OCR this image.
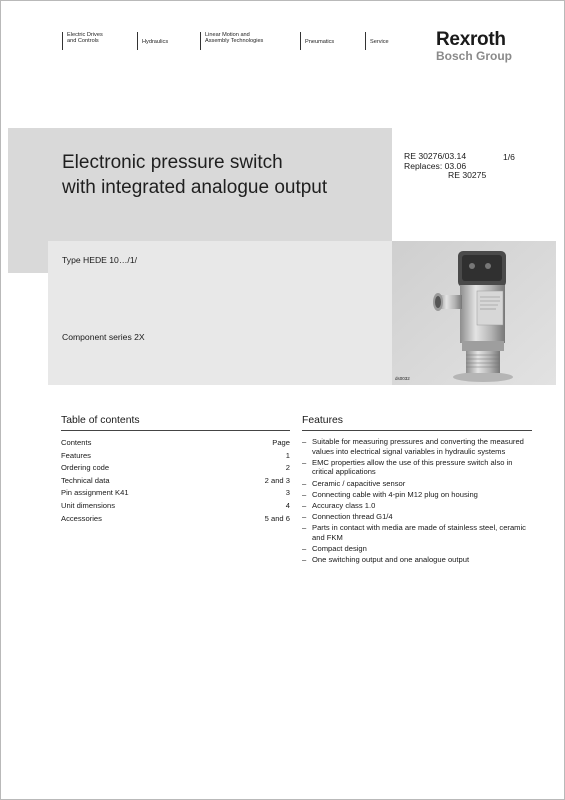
Electric Drives
and Controls	Hydraulics
Linear Motion and
Assembly Technologies	Pneumatics	Service Rexroth
Bosch Group
Electronic pressure switch
with integrated analogue output
RE 30276/03.14
Replaces: 03.06
RE 30275
1/6
Type HEDE 10…/1/
Component series 2X
ds0032
Table of contents
Contents	Page
Features	1
Ordering code	2
Technical data	2 and 3
Pin assignment K41	3
Unit dimensions	4
Accessories	5 and 6
Features
– Suitable for measuring pressures and converting the measured values into electrical signal variables in hydraulic systems
– EMC properties allow the use of this pressure switch also in critical applications
– Ceramic / capacitive sensor
– Connecting cable with 4-pin M12 plug on housing
– Accuracy class 1.0
– Connection thread G1/4
– Parts in contact with media are made of stainless steel, ceramic and FKM
– Compact design
– One switching output and one analogue output
